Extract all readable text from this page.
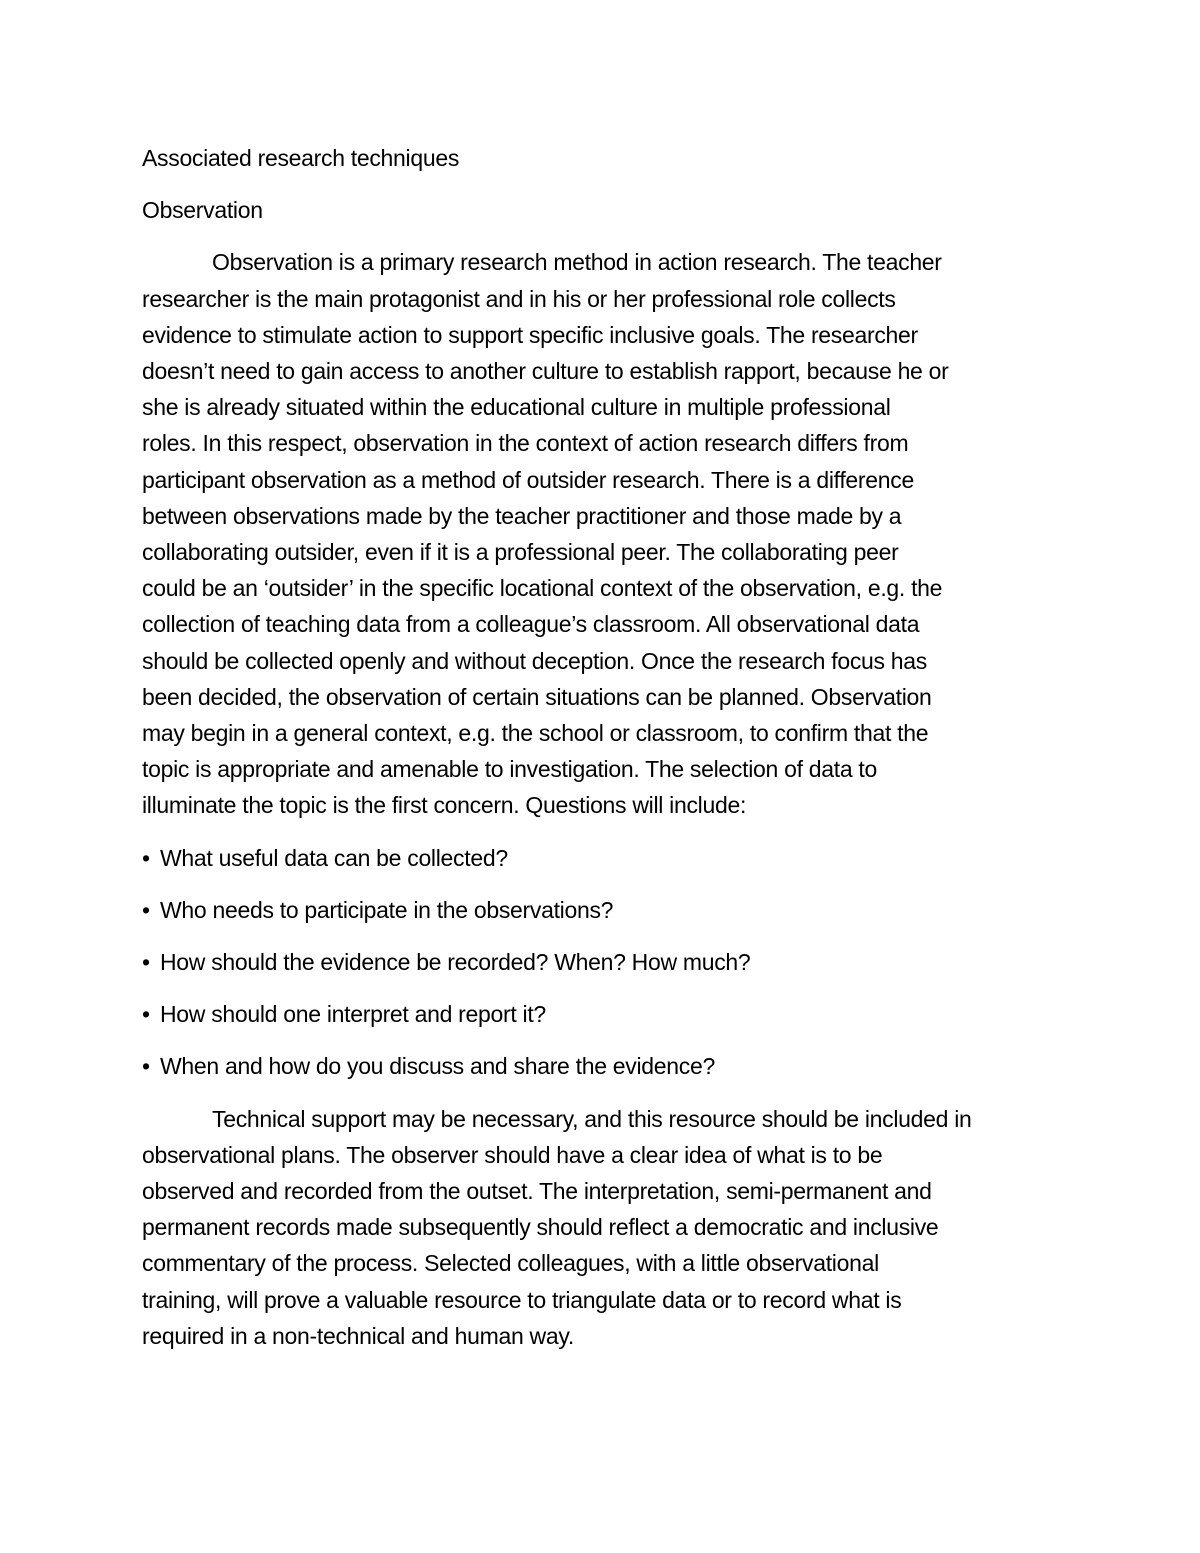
Associated research techniques
Observation
Observation is a primary research method in action research. The teacher
researcher is the main protagonist and in his or her professional role collects
evidence to stimulate action to support specific inclusive goals. The researcher
doesn’t need to gain access to another culture to establish rapport, because he or
she is already situated within the educational culture in multiple professional
roles. In this respect, observation in the context of action research differs from
participant observation as a method of outsider research. There is a difference
between observations made by the teacher practitioner and those made by a
collaborating outsider, even if it is a professional peer. The collaborating peer
could be an ‘outsider’ in the specific locational context of the observation, e.g. the
collection of teaching data from a colleague’s classroom. All observational data
should be collected openly and without deception. Once the research focus has
been decided, the observation of certain situations can be planned. Observation
may begin in a general context, e.g. the school or classroom, to confirm that the
topic is appropriate and amenable to investigation. The selection of data to
illuminate the topic is the first concern. Questions will include:
• What useful data can be collected?
• Who needs to participate in the observations?
• How should the evidence be recorded? When? How much?
• How should one interpret and report it?
• When and how do you discuss and share the evidence?
Technical support may be necessary, and this resource should be included in
observational plans. The observer should have a clear idea of what is to be
observed and recorded from the outset. The interpretation, semi-permanent and
permanent records made subsequently should reflect a democratic and inclusive
commentary of the process. Selected colleagues, with a little observational
training, will prove a valuable resource to triangulate data or to record what is
required in a non-technical and human way.
